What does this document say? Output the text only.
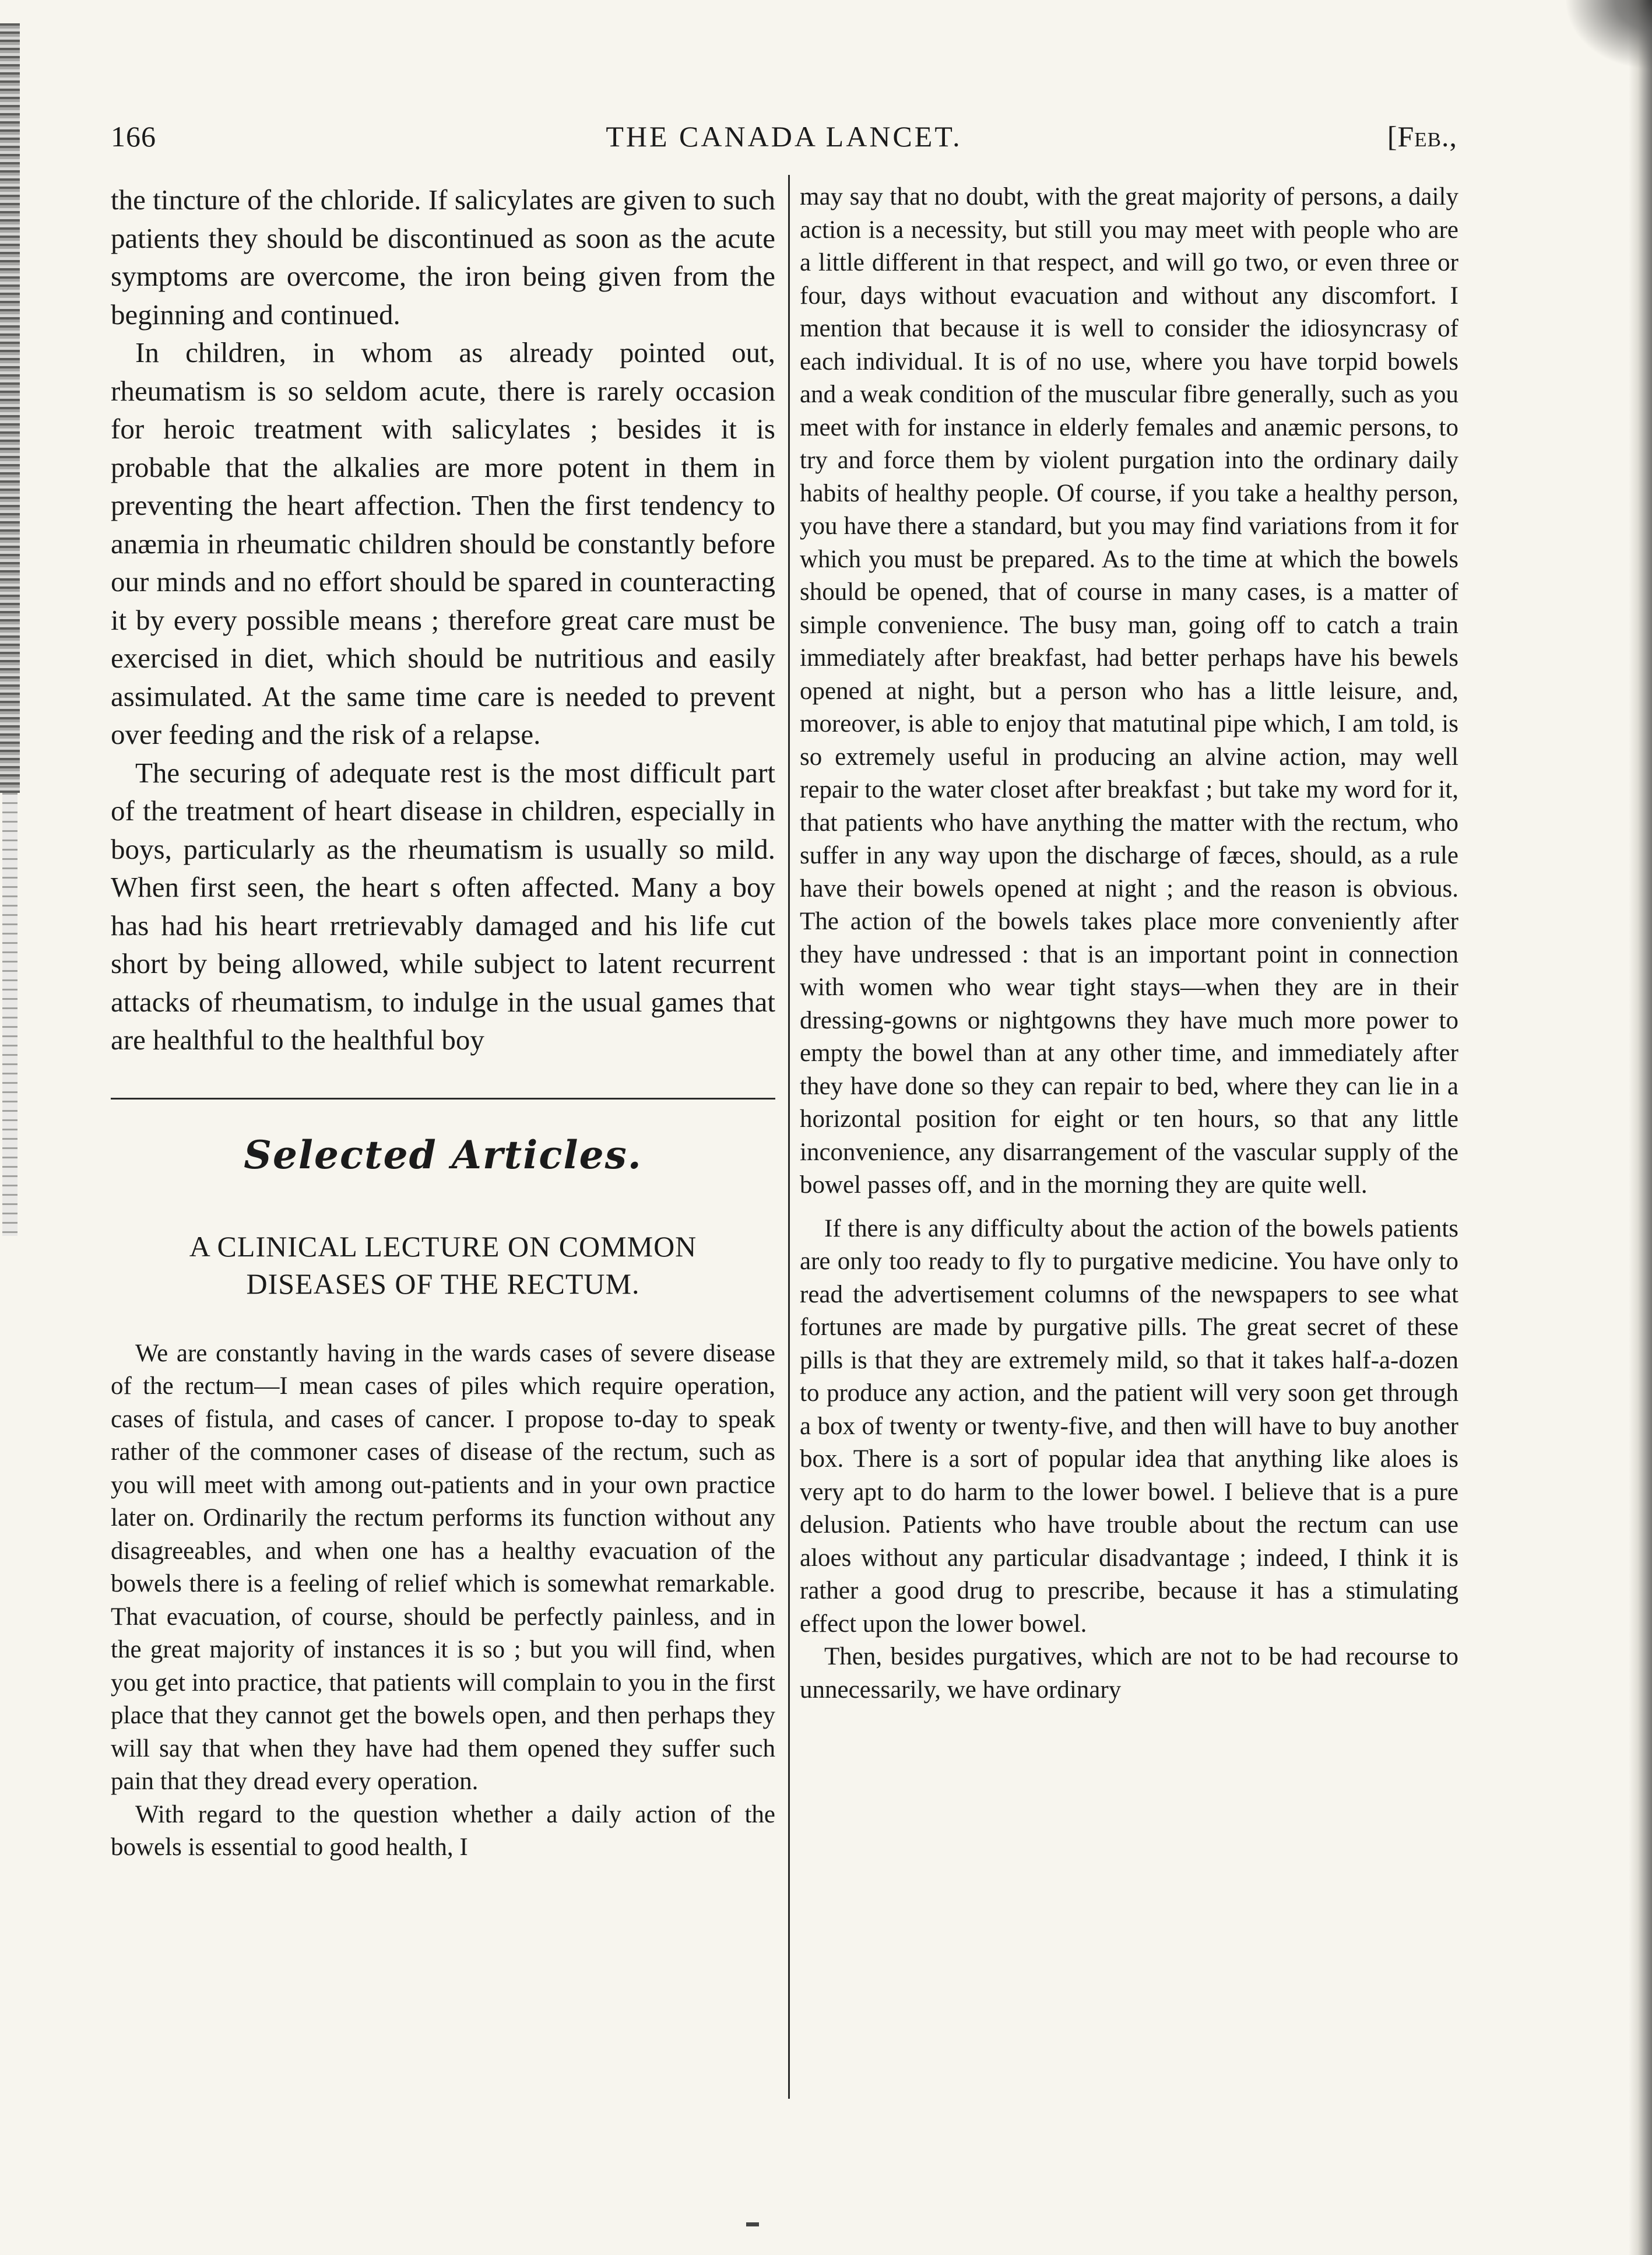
166	THE CANADA LANCET.	[Feb.,

the tincture of the chloride. If salicylates are given to such patients they should be discontinued as soon as the acute symptoms are overcome, the iron being given from the beginning and continued.

In children, in whom as already pointed out, rheumatism is so seldom acute, there is rarely occasion for heroic treatment with salicylates ; besides it is probable that the alkalies are more potent in them in preventing the heart affection. Then the first tendency to anæmia in rheumatic children should be constantly before our minds and no effort should be spared in counteracting it by every possible means ; therefore great care must be exercised in diet, which should be nutritious and easily assimulated. At the same time care is needed to prevent over feeding and the risk of a relapse.

The securing of adequate rest is the most difficult part of the treatment of heart disease in children, especially in boys, particularly as the rheumatism is usually so mild. When first seen, the heart s often affected. Many a boy has had his heart rretrievably damaged and his life cut short by being allowed, while subject to latent recurrent attacks of rheumatism, to indulge in the usual games that are healthful to the healthful boy

Selected Articles.
A CLINICAL LECTURE ON COMMON
DISEASES OF THE RECTUM.

We are constantly having in the wards cases of severe disease of the rectum—I mean cases of piles which require operation, cases of fistula, and cases of cancer. I propose to-day to speak rather of the commoner cases of disease of the rectum, such as you will meet with among out-patients and in your own practice later on. Ordinarily the rectum performs its function without any disagreeables, and when one has a healthy evacuation of the bowels there is a feeling of relief which is somewhat remarkable. That evacuation, of course, should be perfectly painless, and in the great majority of instances it is so ; but you will find, when you get into practice, that patients will complain to you in the first place that they cannot get the bowels open, and then perhaps they will say that when they have had them opened they suffer such pain that they dread every operation.

With regard to the question whether a daily action of the bowels is essential to good health, I

may say that no doubt, with the great majority of persons, a daily action is a necessity, but still you may meet with people who are a little different in that respect, and will go two, or even three or four, days without evacuation and without any discomfort. I mention that because it is well to consider the idiosyncrasy of each individual. It is of no use, where you have torpid bowels and a weak condition of the muscular fibre generally, such as you meet with for instance in elderly females and anæmic persons, to try and force them by violent purgation into the ordinary daily habits of healthy people. Of course, if you take a healthy person, you have there a standard, but you may find variations from it for which you must be prepared. As to the time at which the bowels should be opened, that of course in many cases, is a matter of simple convenience. The busy man, going off to catch a train immediately after breakfast, had better perhaps have his bewels opened at night, but a person who has a little leisure, and, moreover, is able to enjoy that matutinal pipe which, I am told, is so extremely useful in producing an alvine action, may well repair to the water closet after breakfast ; but take my word for it, that patients who have anything the matter with the rectum, who suffer in any way upon the discharge of fæces, should, as a rule have their bowels opened at night ; and the reason is obvious. The action of the bowels takes place more conveniently after they have undressed : that is an important point in connection with women who wear tight stays—when they are in their dressing-gowns or nightgowns they have much more power to empty the bowel than at any other time, and immediately after they have done so they can repair to bed, where they can lie in a horizontal position for eight or ten hours, so that any little inconvenience, any disarrangement of the vascular supply of the bowel passes off, and in the morning they are quite well.

If there is any difficulty about the action of the bowels patients are only too ready to fly to purgative medicine. You have only to read the advertisement columns of the newspapers to see what fortunes are made by purgative pills. The great secret of these pills is that they are extremely mild, so that it takes half-a-dozen to produce any action, and the patient will very soon get through a box of twenty or twenty-five, and then will have to buy another box. There is a sort of popular idea that anything like aloes is very apt to do harm to the lower bowel. I believe that is a pure delusion. Patients who have trouble about the rectum can use aloes without any particular disadvantage ; indeed, I think it is rather a good drug to prescribe, because it has a stimulating effect upon the lower bowel.

Then, besides purgatives, which are not to be had recourse to unnecessarily, we have ordinary
